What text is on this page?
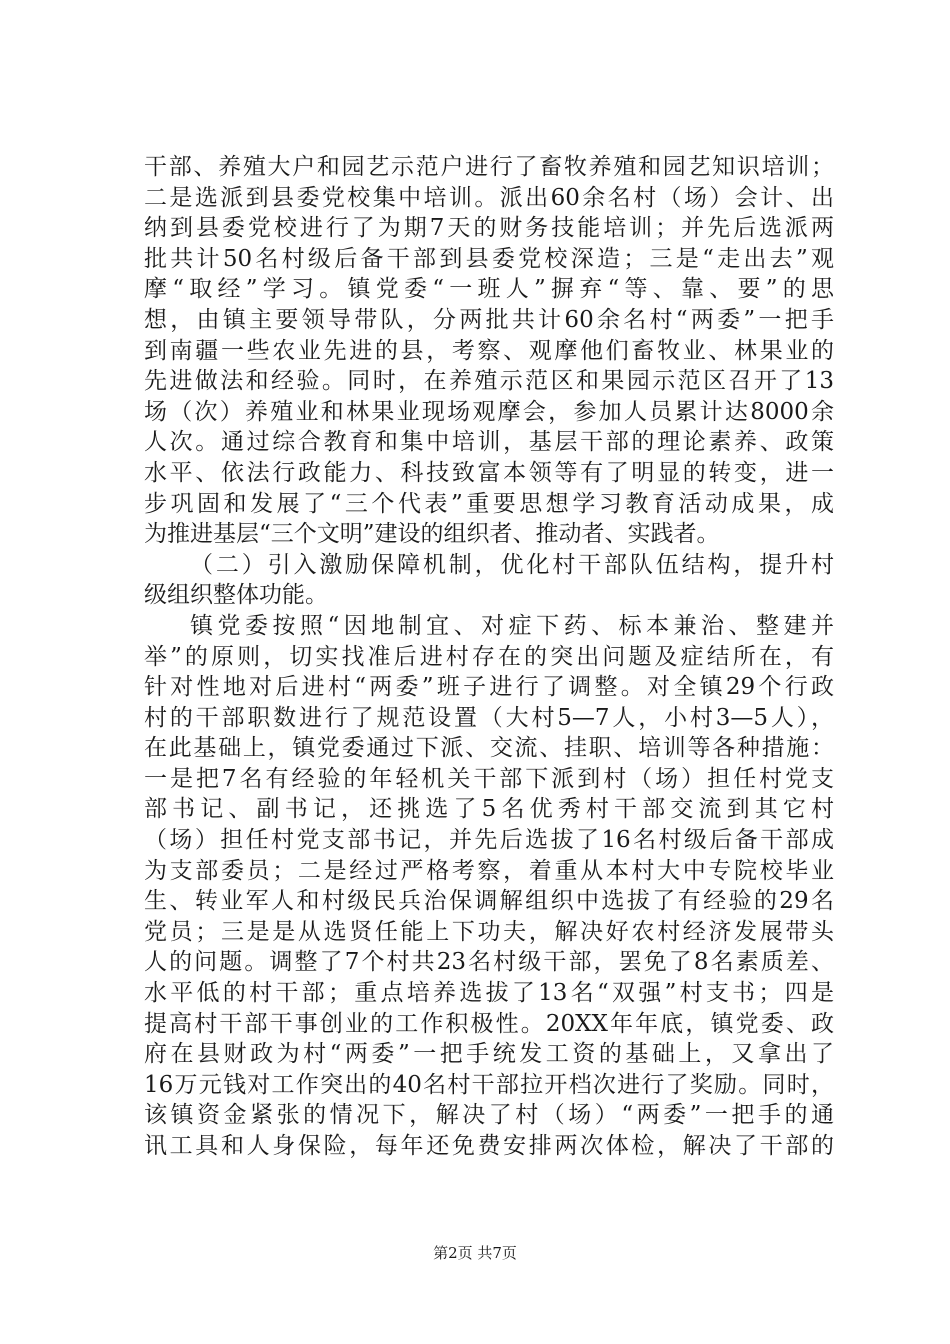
干部、养殖大户和园艺示范户进行了畜牧养殖和园艺知识培训；
二是选派到县委党校集中培训。派出60余名村（场）会计、出
纳到县委党校进行了为期7天的财务技能培训；并先后选派两
批共计50名村级后备干部到县委党校深造；三是“走出去”观
摩“取经”学习。镇党委“一班人”摒弃“等、靠、要”的思
想，由镇主要领导带队，分两批共计60余名村“两委”一把手
到南疆一些农业先进的县，考察、观摩他们畜牧业、林果业的
先进做法和经验。同时，在养殖示范区和果园示范区召开了13
场（次）养殖业和林果业现场观摩会，参加人员累计达8000余
人次。通过综合教育和集中培训，基层干部的理论素养、政策
水平、依法行政能力、科技致富本领等有了明显的转变，进一
步巩固和发展了“三个代表”重要思想学习教育活动成果，成
为推进基层“三个文明”建设的组织者、推动者、实践者。
（二）引入激励保障机制，优化村干部队伍结构，提升村
级组织整体功能。
镇党委按照“因地制宜、对症下药、标本兼治、整建并
举”的原则，切实找准后进村存在的突出问题及症结所在，有
针对性地对后进村“两委”班子进行了调整。对全镇29个行政
村的干部职数进行了规范设置（大村5—7人，小村3—5人），
在此基础上，镇党委通过下派、交流、挂职、培训等各种措施：
一是把7名有经验的年轻机关干部下派到村（场）担任村党支
部书记、副书记，还挑选了5名优秀村干部交流到其它村
（场）担任村党支部书记，并先后选拔了16名村级后备干部成
为支部委员；二是经过严格考察，着重从本村大中专院校毕业
生、转业军人和村级民兵治保调解组织中选拔了有经验的29名
党员；三是是从选贤任能上下功夫，解决好农村经济发展带头
人的问题。调整了7个村共23名村级干部，罢免了8名素质差、
水平低的村干部；重点培养选拔了13名“双强”村支书；四是
提高村干部干事创业的工作积极性。20XX年年底，镇党委、政
府在县财政为村“两委”一把手统发工资的基础上，又拿出了
16万元钱对工作突出的40名村干部拉开档次进行了奖励。同时，
该镇资金紧张的情况下，解决了村（场）“两委”一把手的通
讯工具和人身保险，每年还免费安排两次体检，解决了干部的
第2页 共7页
